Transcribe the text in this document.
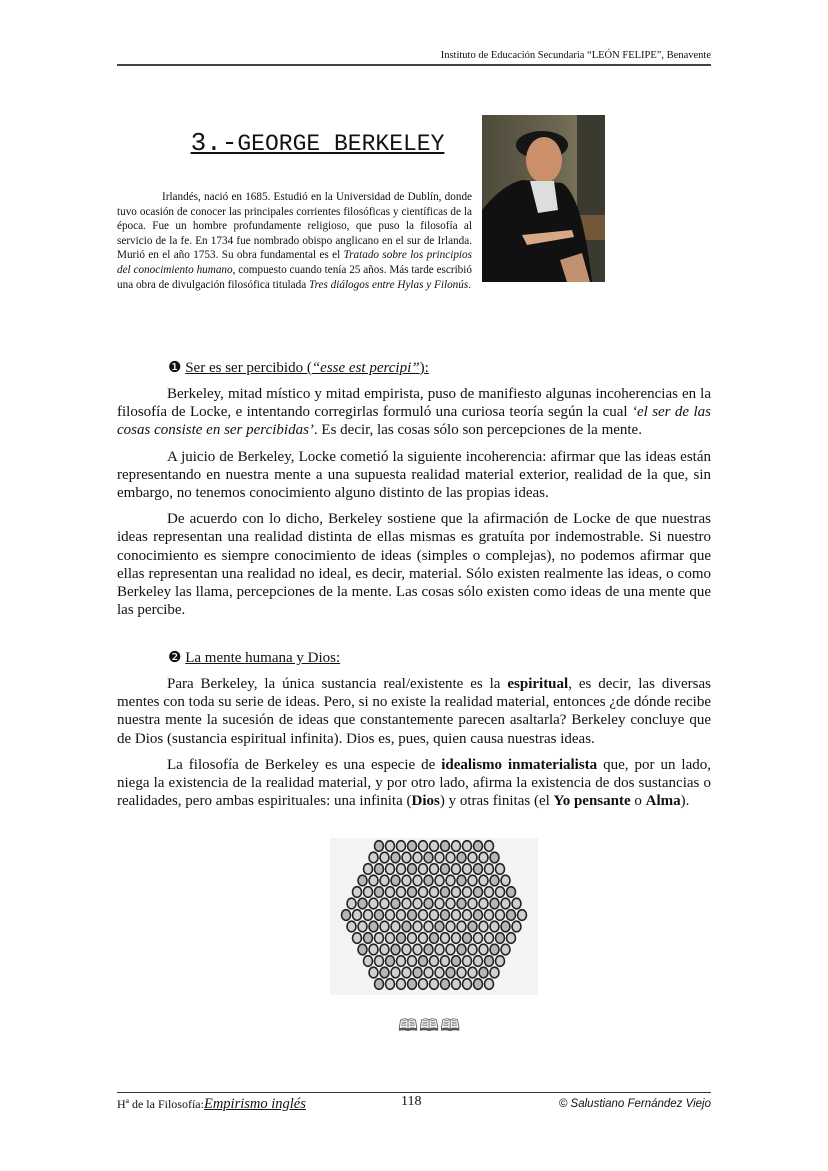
Instituto de Educación Secundaria “LEÓN FELIPE”, Benavente
3.-GEORGE BERKELEY
Irlandés, nació en 1685. Estudió en la Universidad de Dublín, donde tuvo ocasión de conocer las principales corrientes filosóficas y científicas de la época. Fue un hombre profundamente religioso, que puso la filosofía al servicio de la fe. En 1734 fue nombrado obispo anglicano en el sur de Irlanda. Murió en el año 1753. Su obra fundamental es el Tratado sobre los principios del conocimiento humano, compuesto cuando tenía 25 años. Más tarde escribió una obra de divulgación filosófica titulada Tres diálogos entre Hylas y Filonús.
❶ Ser es ser percibido (“esse est percipi”):

Berkeley, mitad místico y mitad empirista, puso de manifiesto algunas incoherencias en la filosofía de Locke, e intentando corregirlas formuló una curiosa teoría según la cual ‘el ser de las cosas consiste en ser percibidas’. Es decir, las cosas sólo son percepciones de la mente.

A juicio de Berkeley, Locke cometió la siguiente incoherencia: afirmar que las ideas están representando en nuestra mente a una supuesta realidad material exterior, realidad de la que, sin embargo, no tenemos conocimiento alguno distinto de las propias ideas.

De acuerdo con lo dicho, Berkeley sostiene que la afirmación de Locke de que nuestras ideas representan una realidad distinta de ellas mismas es gratuíta por indemostrable. Si nuestro conocimiento es siempre conocimiento de ideas (simples o complejas), no podemos afirmar que ellas representan una realidad no ideal, es decir, material. Sólo existen realmente las ideas, o como Berkeley las llama, percepciones de la mente. Las cosas sólo existen como ideas de una mente que las percibe.

❷ La mente humana y Dios:

Para Berkeley, la única sustancia real/existente es la espiritual, es decir, las diversas mentes con toda su serie de ideas. Pero, si no existe la realidad material, entonces ¿de dónde recibe nuestra mente la sucesión de ideas que constantemente parecen asaltarla? Berkeley concluye que de Dios (sustancia espiritual infinita). Dios es, pues, quien causa nuestras ideas.

La filosofía de Berkeley es una especie de idealismo inmaterialista que, por un lado, niega la existencia de la realidad material, y por otro lado, afirma la existencia de dos sustancias o realidades, pero ambas espirituales: una infinita (Dios) y otras finitas (el Yo pensante o Alma).

🕮🕮🕮
Hª de la Filosofía:Empirismo inglés	118	© Salustiano Fernández Viejo
